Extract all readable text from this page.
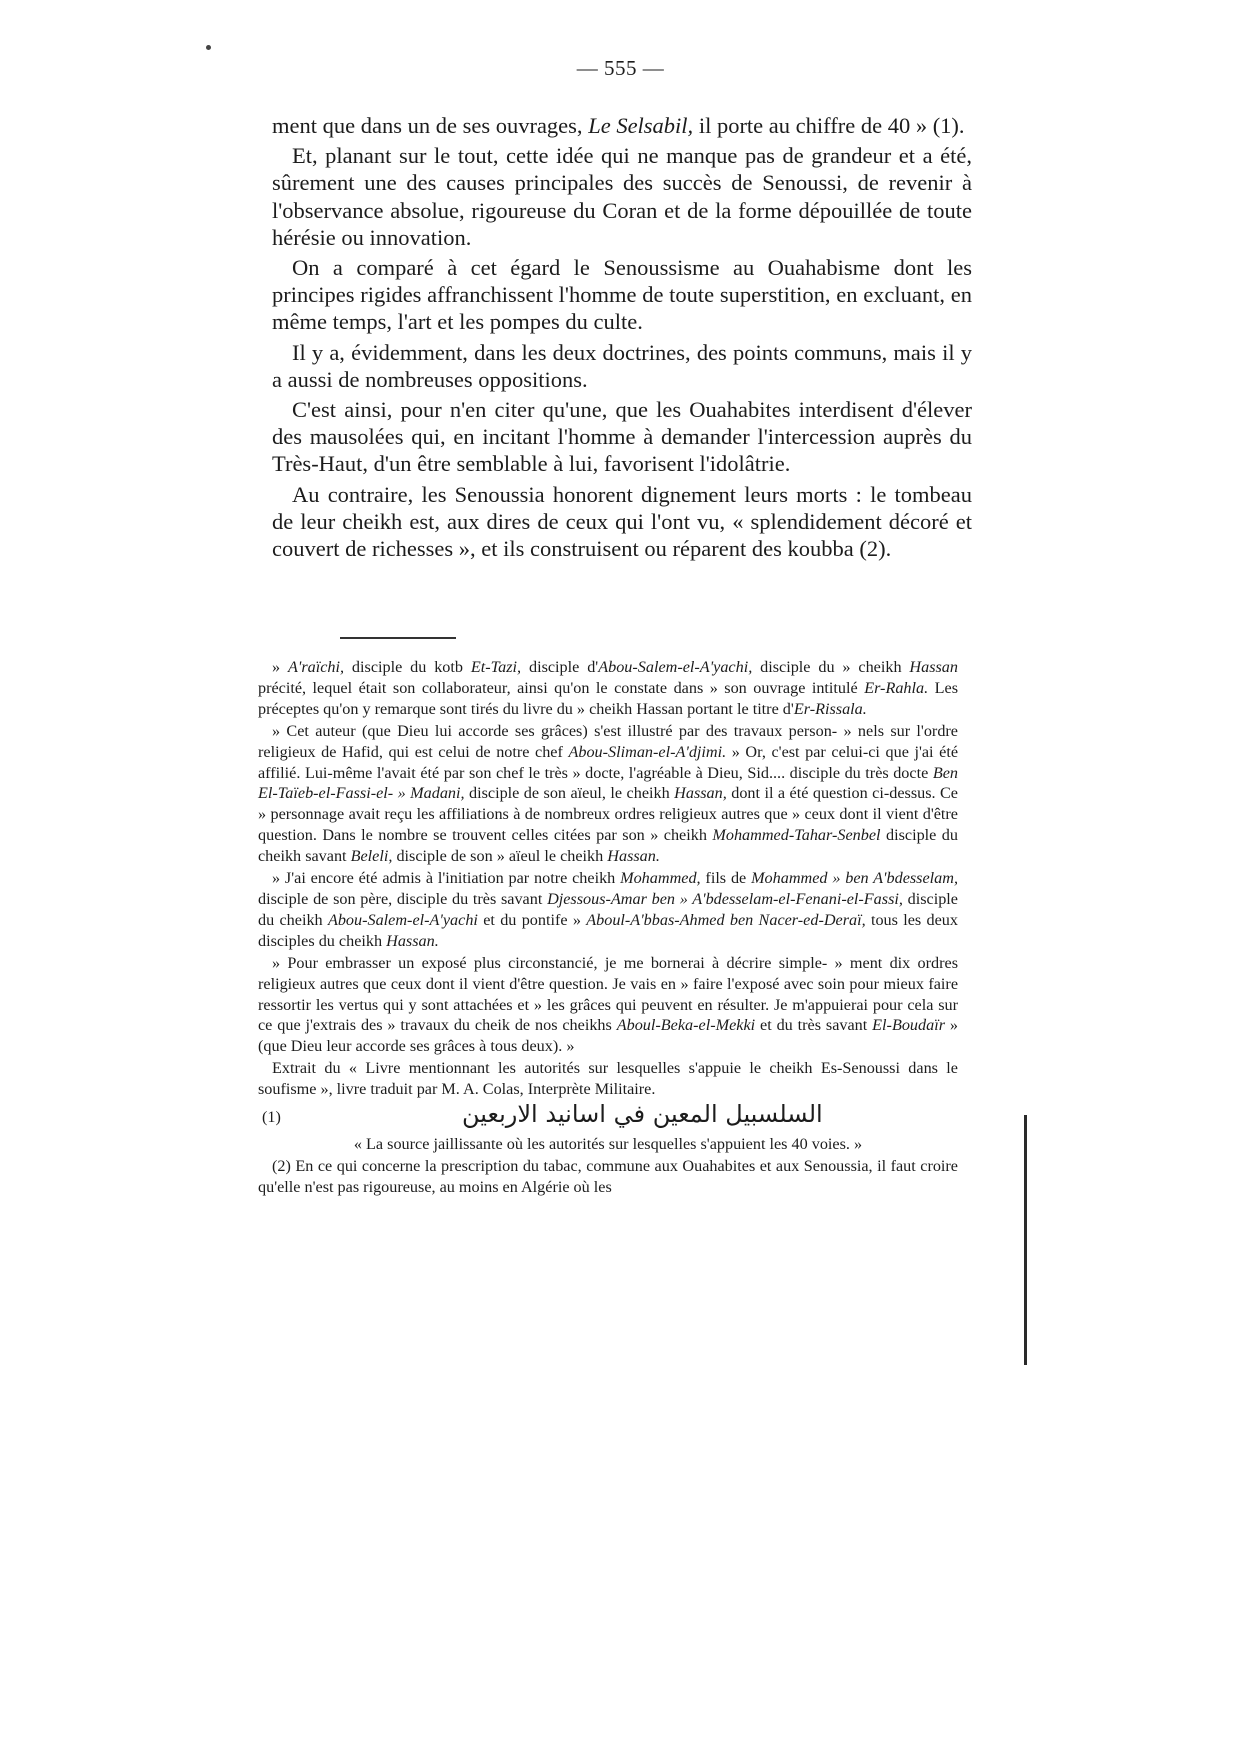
— 555 —

ment que dans un de ses ouvrages, Le Selsabil, il porte au chiffre de 40 » (1).

Et, planant sur le tout, cette idée qui ne manque pas de grandeur et a été, sûrement une des causes principales des succès de Senoussi, de revenir à l'observance absolue, rigoureuse du Coran et de la forme dépouillée de toute hérésie ou innovation.

On a comparé à cet égard le Senoussisme au Ouahabisme dont les principes rigides affranchissent l'homme de toute superstition, en excluant, en même temps, l'art et les pompes du culte.

Il y a, évidemment, dans les deux doctrines, des points communs, mais il y a aussi de nombreuses oppositions.

C'est ainsi, pour n'en citer qu'une, que les Ouahabites interdisent d'élever des mausolées qui, en incitant l'homme à demander l'intercession auprès du Très-Haut, d'un être semblable à lui, favorisent l'idolâtrie.

Au contraire, les Senoussia honorent dignement leurs morts : le tombeau de leur cheikh est, aux dires de ceux qui l'ont vu, « splendidement décoré et couvert de richesses », et ils construisent ou réparent des koubba (2).

» A'raïchi, disciple du kotb Et-Tazi, disciple d'Abou-Salem-el-A'yachi, disciple du » cheikh Hassan précité, lequel était son collaborateur, ainsi qu'on le constate dans » son ouvrage intitulé Er-Rahla. Les préceptes qu'on y remarque sont tirés du livre du » cheikh Hassan portant le titre d'Er-Rissala.

» Cet auteur (que Dieu lui accorde ses grâces) s'est illustré par des travaux person- » nels sur l'ordre religieux de Hafid, qui est celui de notre chef Abou-Sliman-el-A'djimi. » Or, c'est par celui-ci que j'ai été affilié. Lui-même l'avait été par son chef le très » docte, l'agréable à Dieu, Sid.... disciple du très docte Ben El-Taïeb-el-Fassi-el- » Madani, disciple de son aïeul, le cheikh Hassan, dont il a été question ci-dessus. Ce » personnage avait reçu les affiliations à de nombreux ordres religieux autres que » ceux dont il vient d'être question. Dans le nombre se trouvent celles citées par son » cheikh Mohammed-Tahar-Senbel disciple du cheikh savant Beleli, disciple de son » aïeul le cheikh Hassan.

» J'ai encore été admis à l'initiation par notre cheikh Mohammed, fils de Mohammed » ben A'bdesselam, disciple de son père, disciple du très savant Djessous-Amar ben » A'bdesselam-el-Fenani-el-Fassi, disciple du cheikh Abou-Salem-el-A'yachi et du pontife » Aboul-A'bbas-Ahmed ben Nacer-ed-Deraï, tous les deux disciples du cheikh Hassan.

» Pour embrasser un exposé plus circonstancié, je me bornerai à décrire simple- » ment dix ordres religieux autres que ceux dont il vient d'être question. Je vais en » faire l'exposé avec soin pour mieux faire ressortir les vertus qui y sont attachées et » les grâces qui peuvent en résulter. Je m'appuierai pour cela sur ce que j'extrais des » travaux du cheik de nos cheikhs Aboul-Beka-el-Mekki et du très savant El-Boudaïr » (que Dieu leur accorde ses grâces à tous deux). »

Extrait du « Livre mentionnant les autorités sur lesquelles s'appuie le cheikh Es-Senoussi dans le soufisme », livre traduit par M. A. Colas, Interprète Militaire.

(1)	السلسبيل المعين في اسانيد الاربعين

« La source jaillissante où les autorités sur lesquelles s'appuient les 40 voies. »

(2) En ce qui concerne la prescription du tabac, commune aux Ouahabites et aux Senoussia, il faut croire qu'elle n'est pas rigoureuse, au moins en Algérie où les
